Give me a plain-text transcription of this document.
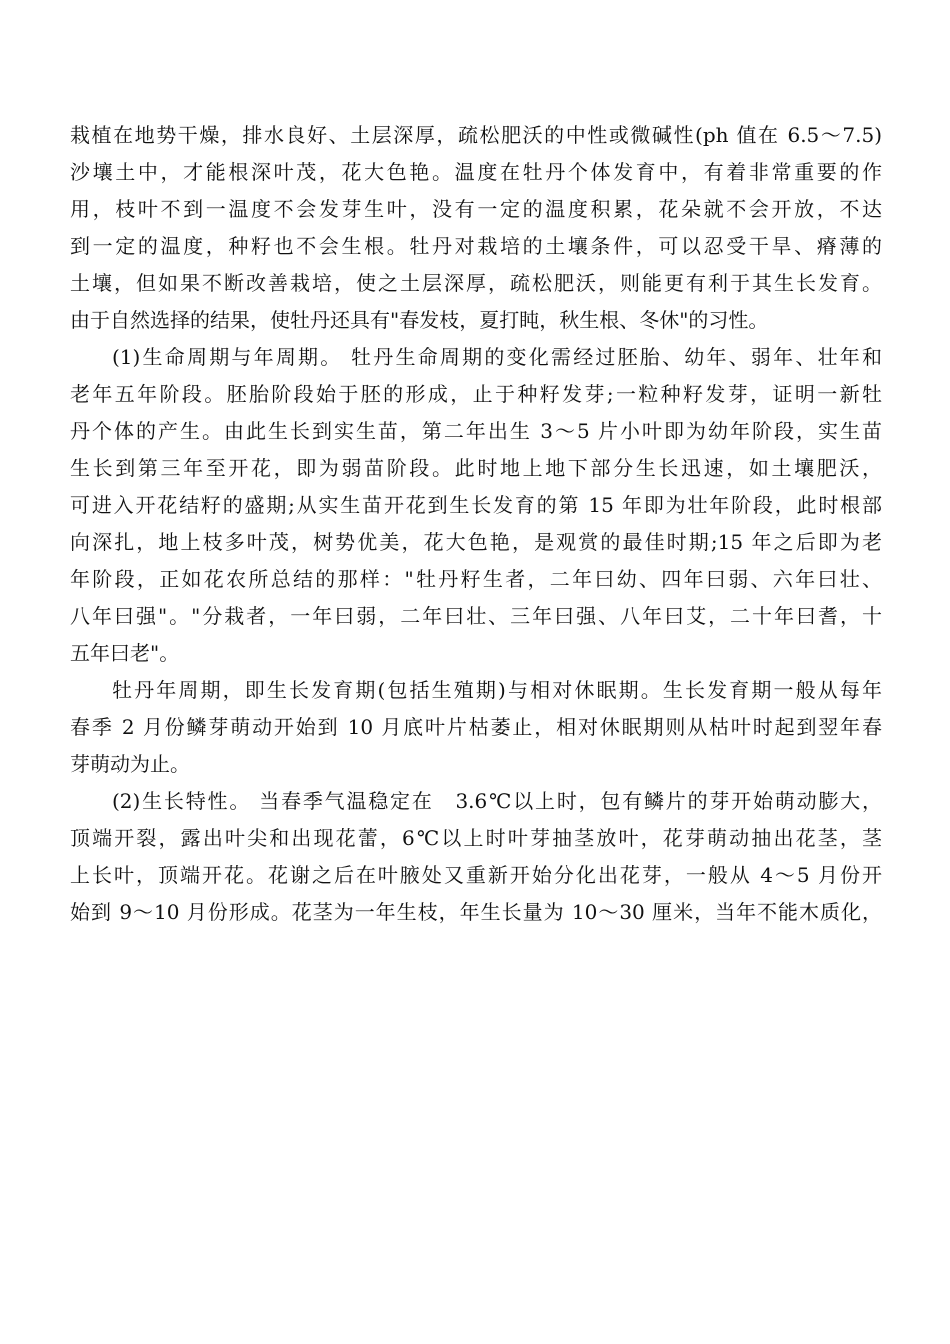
栽植在地势干燥，排水良好、土层深厚，疏松肥沃的中性或微碱性(ph 值在 6.5～7.5)
沙壤土中，才能根深叶茂，花大色艳。温度在牡丹个体发育中，有着非常重要的作
用，枝叶不到一温度不会发芽生叶，没有一定的温度积累，花朵就不会开放，不达
到一定的温度，种籽也不会生根。牡丹对栽培的土壤条件，可以忍受干旱、瘠薄的
土壤，但如果不断改善栽培，使之土层深厚，疏松肥沃，则能更有利于其生长发育。
由于自然选择的结果，使牡丹还具有"春发枝，夏打盹，秋生根、冬休"的习性。
(1)生命周期与年周期。 牡丹生命周期的变化需经过胚胎、幼年、弱年、壮年和
老年五年阶段。胚胎阶段始于胚的形成，止于种籽发芽;一粒种籽发芽，证明一新牡
丹个体的产生。由此生长到实生苗，第二年出生 3～5 片小叶即为幼年阶段，实生苗
生长到第三年至开花，即为弱苗阶段。此时地上地下部分生长迅速，如土壤肥沃，
可进入开花结籽的盛期;从实生苗开花到生长发育的第 15 年即为壮年阶段，此时根部
向深扎，地上枝多叶茂，树势优美，花大色艳，是观赏的最佳时期;15 年之后即为老
年阶段，正如花农所总结的那样："牡丹籽生者，二年曰幼、四年曰弱、六年曰壮、
八年曰强"。"分栽者，一年曰弱，二年曰壮、三年曰强、八年曰艾，二十年曰耆，十
五年曰老"。
牡丹年周期，即生长发育期(包括生殖期)与相对休眠期。生长发育期一般从每年
春季 2 月份鳞芽萌动开始到 10 月底叶片枯萎止，相对休眠期则从枯叶时起到翌年春
芽萌动为止。
(2)生长特性。 当春季气温稳定在　3.6℃以上时，包有鳞片的芽开始萌动膨大，
顶端开裂，露出叶尖和出现花蕾，6℃以上时叶芽抽茎放叶，花芽萌动抽出花茎，茎
上长叶，顶端开花。花谢之后在叶腋处又重新开始分化出花芽，一般从 4～5 月份开
始到 9～10 月份形成。花茎为一年生枝，年生长量为 10～30 厘米，当年不能木质化，
